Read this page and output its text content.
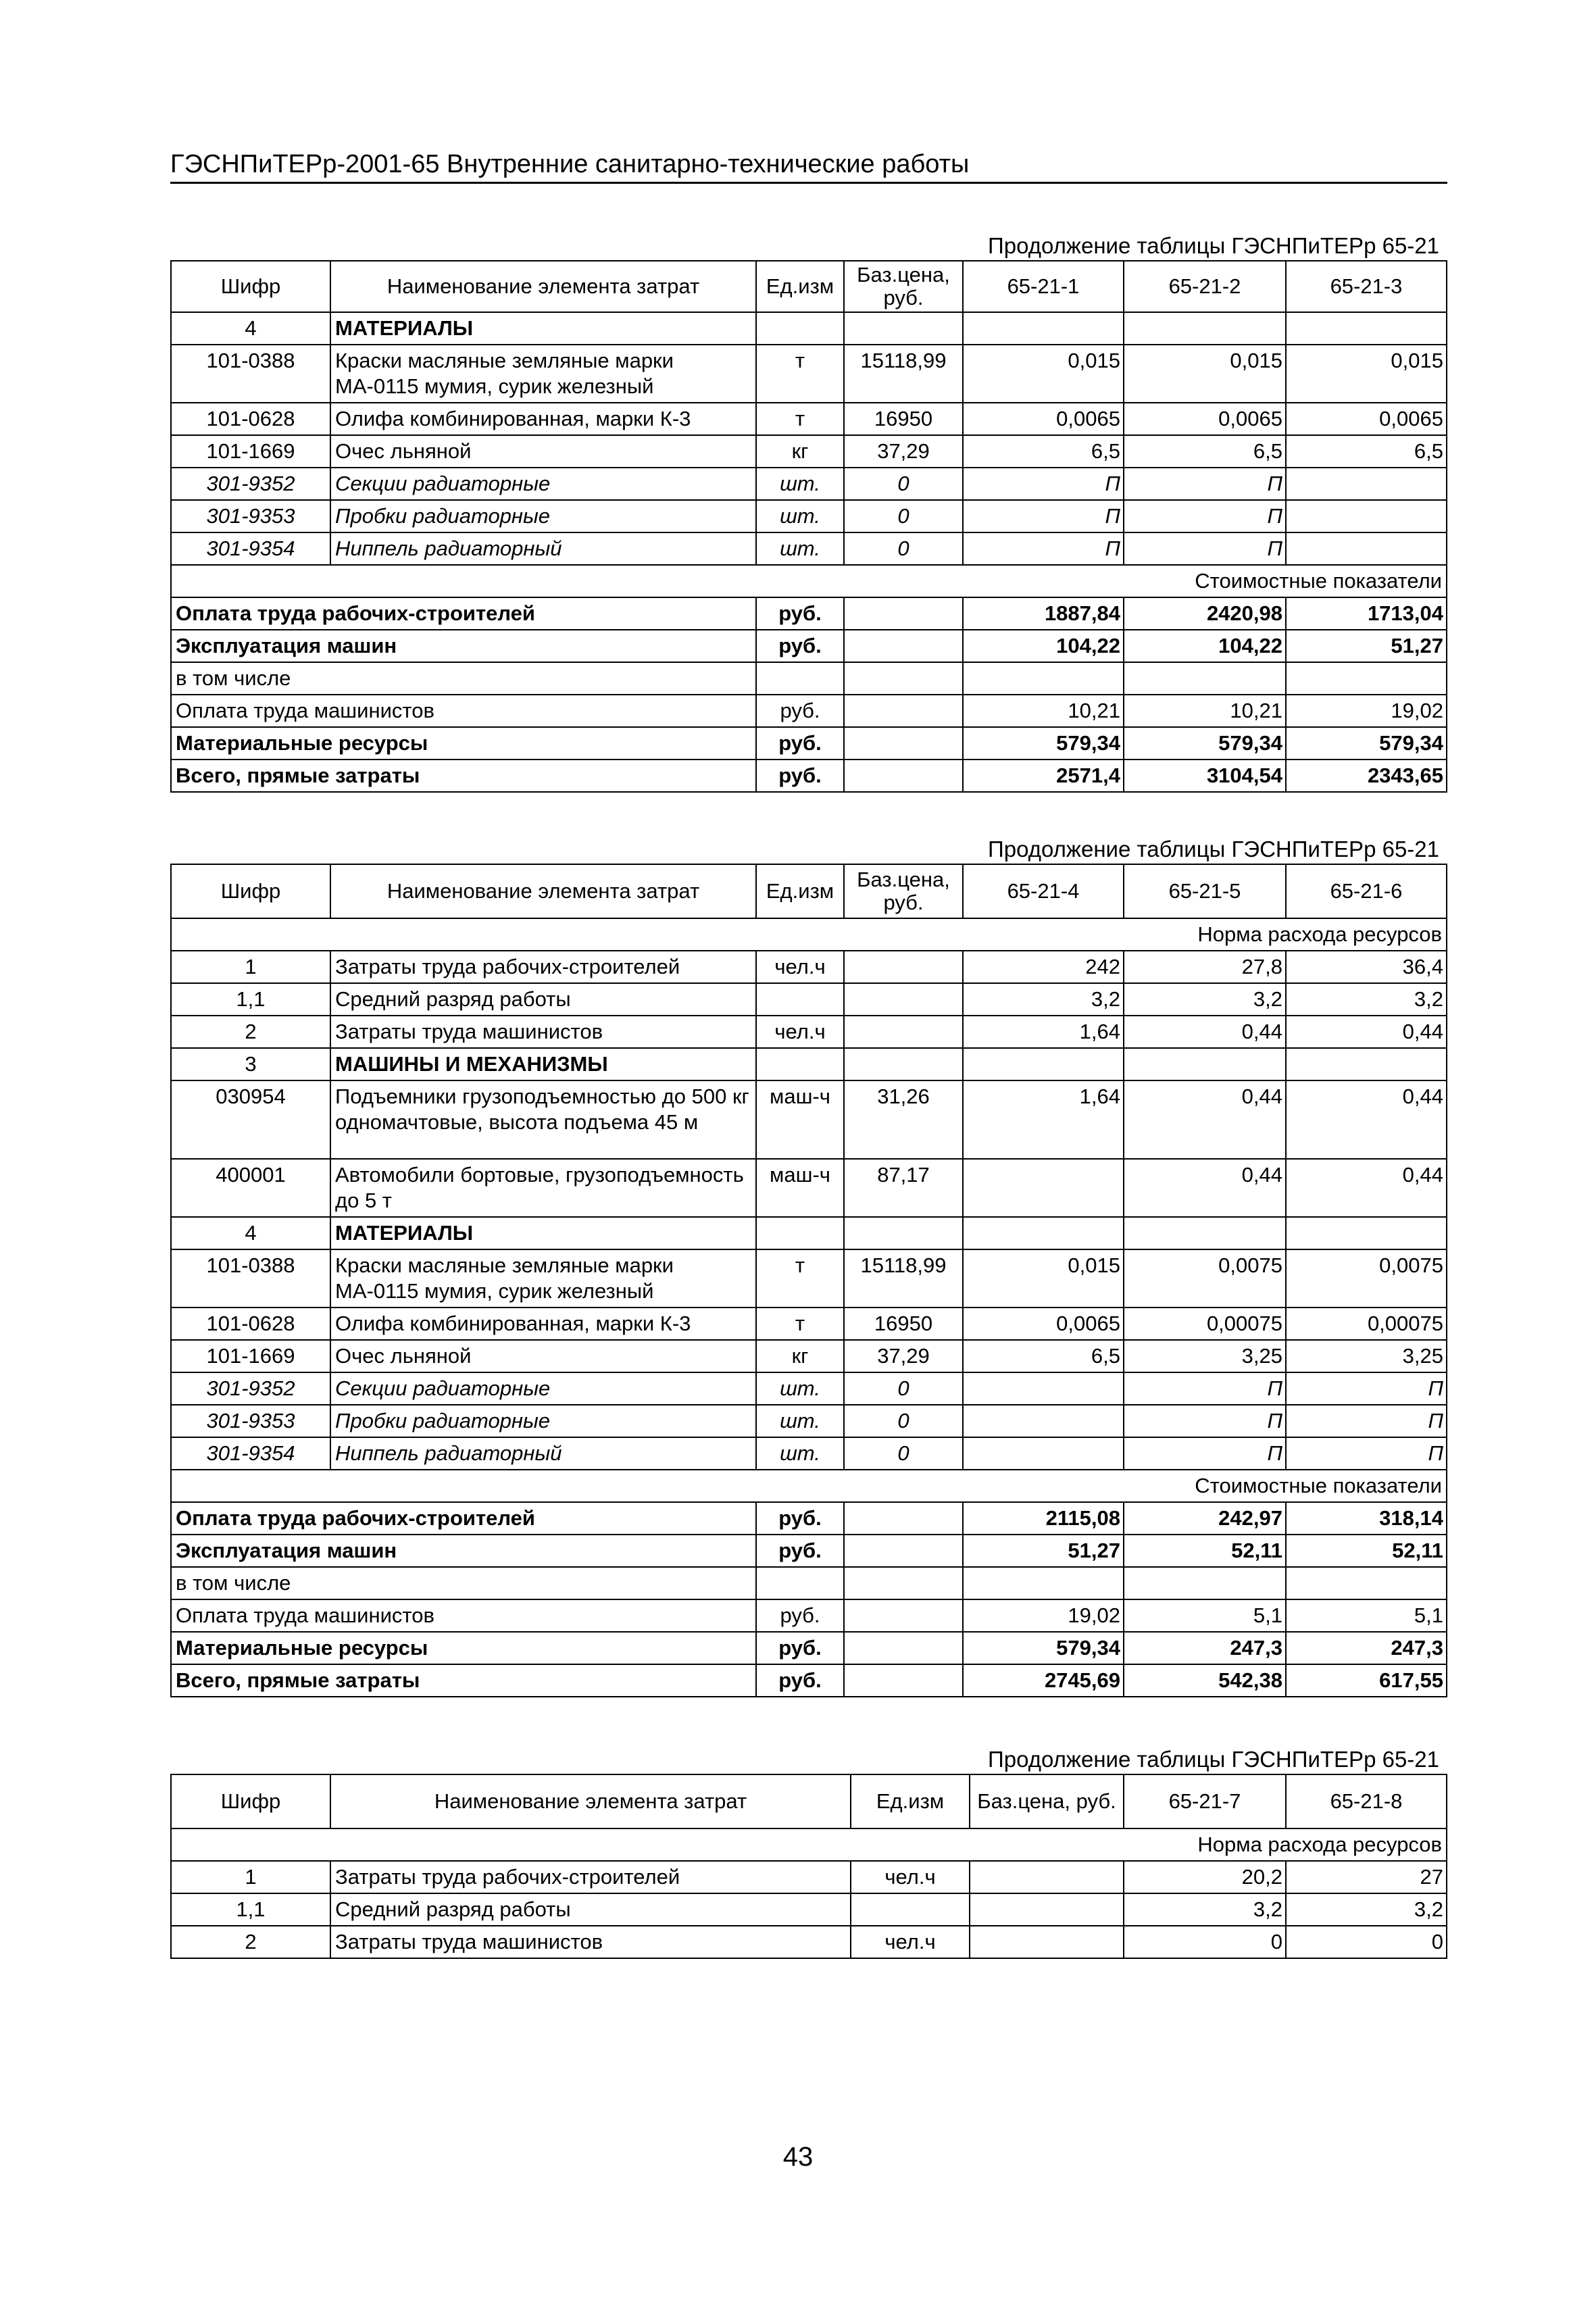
ГЭСНПиТЕРр-2001-65 Внутренние санитарно-технические работы
Продолжение таблицы ГЭСНПиТЕРр 65-21
Шифр	Наименование элемента затрат	Ед.изм	Баз.цена, руб.	65-21-1	65-21-2	65-21-3
4	МАТЕРИАЛЫ					
101-0388	Краски масляные земляные марки МА-0115 мумия, сурик железный	т	15118,99	0,015	0,015	0,015
101-0628	Олифа комбинированная, марки К-3	т	16950	0,0065	0,0065	0,0065
101-1669	Очес льняной	кг	37,29	6,5	6,5	6,5
301-9352	Секции радиаторные	шт.	0	П	П	
301-9353	Пробки радиаторные	шт.	0	П	П	
301-9354	Ниппель радиаторный	шт.	0	П	П	
Стоимостные показатели						
Оплата труда рабочих-строителей		руб.		1887,84	2420,98	1713,04
Эксплуатация машин		руб.		104,22	104,22	51,27
в том числе						
Оплата труда машинистов		руб.		10,21	10,21	19,02
Материальные ресурсы		руб.		579,34	579,34	579,34
Всего, прямые затраты		руб.		2571,4	3104,54	2343,65
Продолжение таблицы ГЭСНПиТЕРр 65-21
Шифр	Наименование элемента затрат	Ед.изм	Баз.цена, руб.	65-21-4	65-21-5	65-21-6
Норма расхода ресурсов						
1	Затраты труда рабочих-строителей	чел.ч		242	27,8	36,4
1,1	Средний разряд работы			3,2	3,2	3,2
2	Затраты труда машинистов	чел.ч		1,64	0,44	0,44
3	МАШИНЫ И МЕХАНИЗМЫ					
030954	Подъемники грузоподъемностью до 500 кг одномачтовые, высота подъема 45 м	маш-ч	31,26	1,64	0,44	0,44
400001	Автомобили бортовые, грузоподъемность до 5 т	маш-ч	87,17		0,44	0,44
4	МАТЕРИАЛЫ					
101-0388	Краски масляные земляные марки МА-0115 мумия, сурик железный	т	15118,99	0,015	0,0075	0,0075
101-0628	Олифа комбинированная, марки К-3	т	16950	0,0065	0,00075	0,00075
101-1669	Очес льняной	кг	37,29	6,5	3,25	3,25
301-9352	Секции радиаторные	шт.	0		П	П
301-9353	Пробки радиаторные	шт.	0		П	П
301-9354	Ниппель радиаторный	шт.	0		П	П
Стоимостные показатели						
Оплата труда рабочих-строителей		руб.		2115,08	242,97	318,14
Эксплуатация машин		руб.		51,27	52,11	52,11
в том числе						
Оплата труда машинистов		руб.		19,02	5,1	5,1
Материальные ресурсы		руб.		579,34	247,3	247,3
Всего, прямые затраты		руб.		2745,69	542,38	617,55
Продолжение таблицы ГЭСНПиТЕРр 65-21
Шифр	Наименование элемента затрат	Ед.изм	Баз.цена, руб.	65-21-7	65-21-8
Норма расхода ресурсов					
1	Затраты труда рабочих-строителей	чел.ч		20,2	27
1,1	Средний разряд работы			3,2	3,2
2	Затраты труда машинистов	чел.ч		0	0
43
